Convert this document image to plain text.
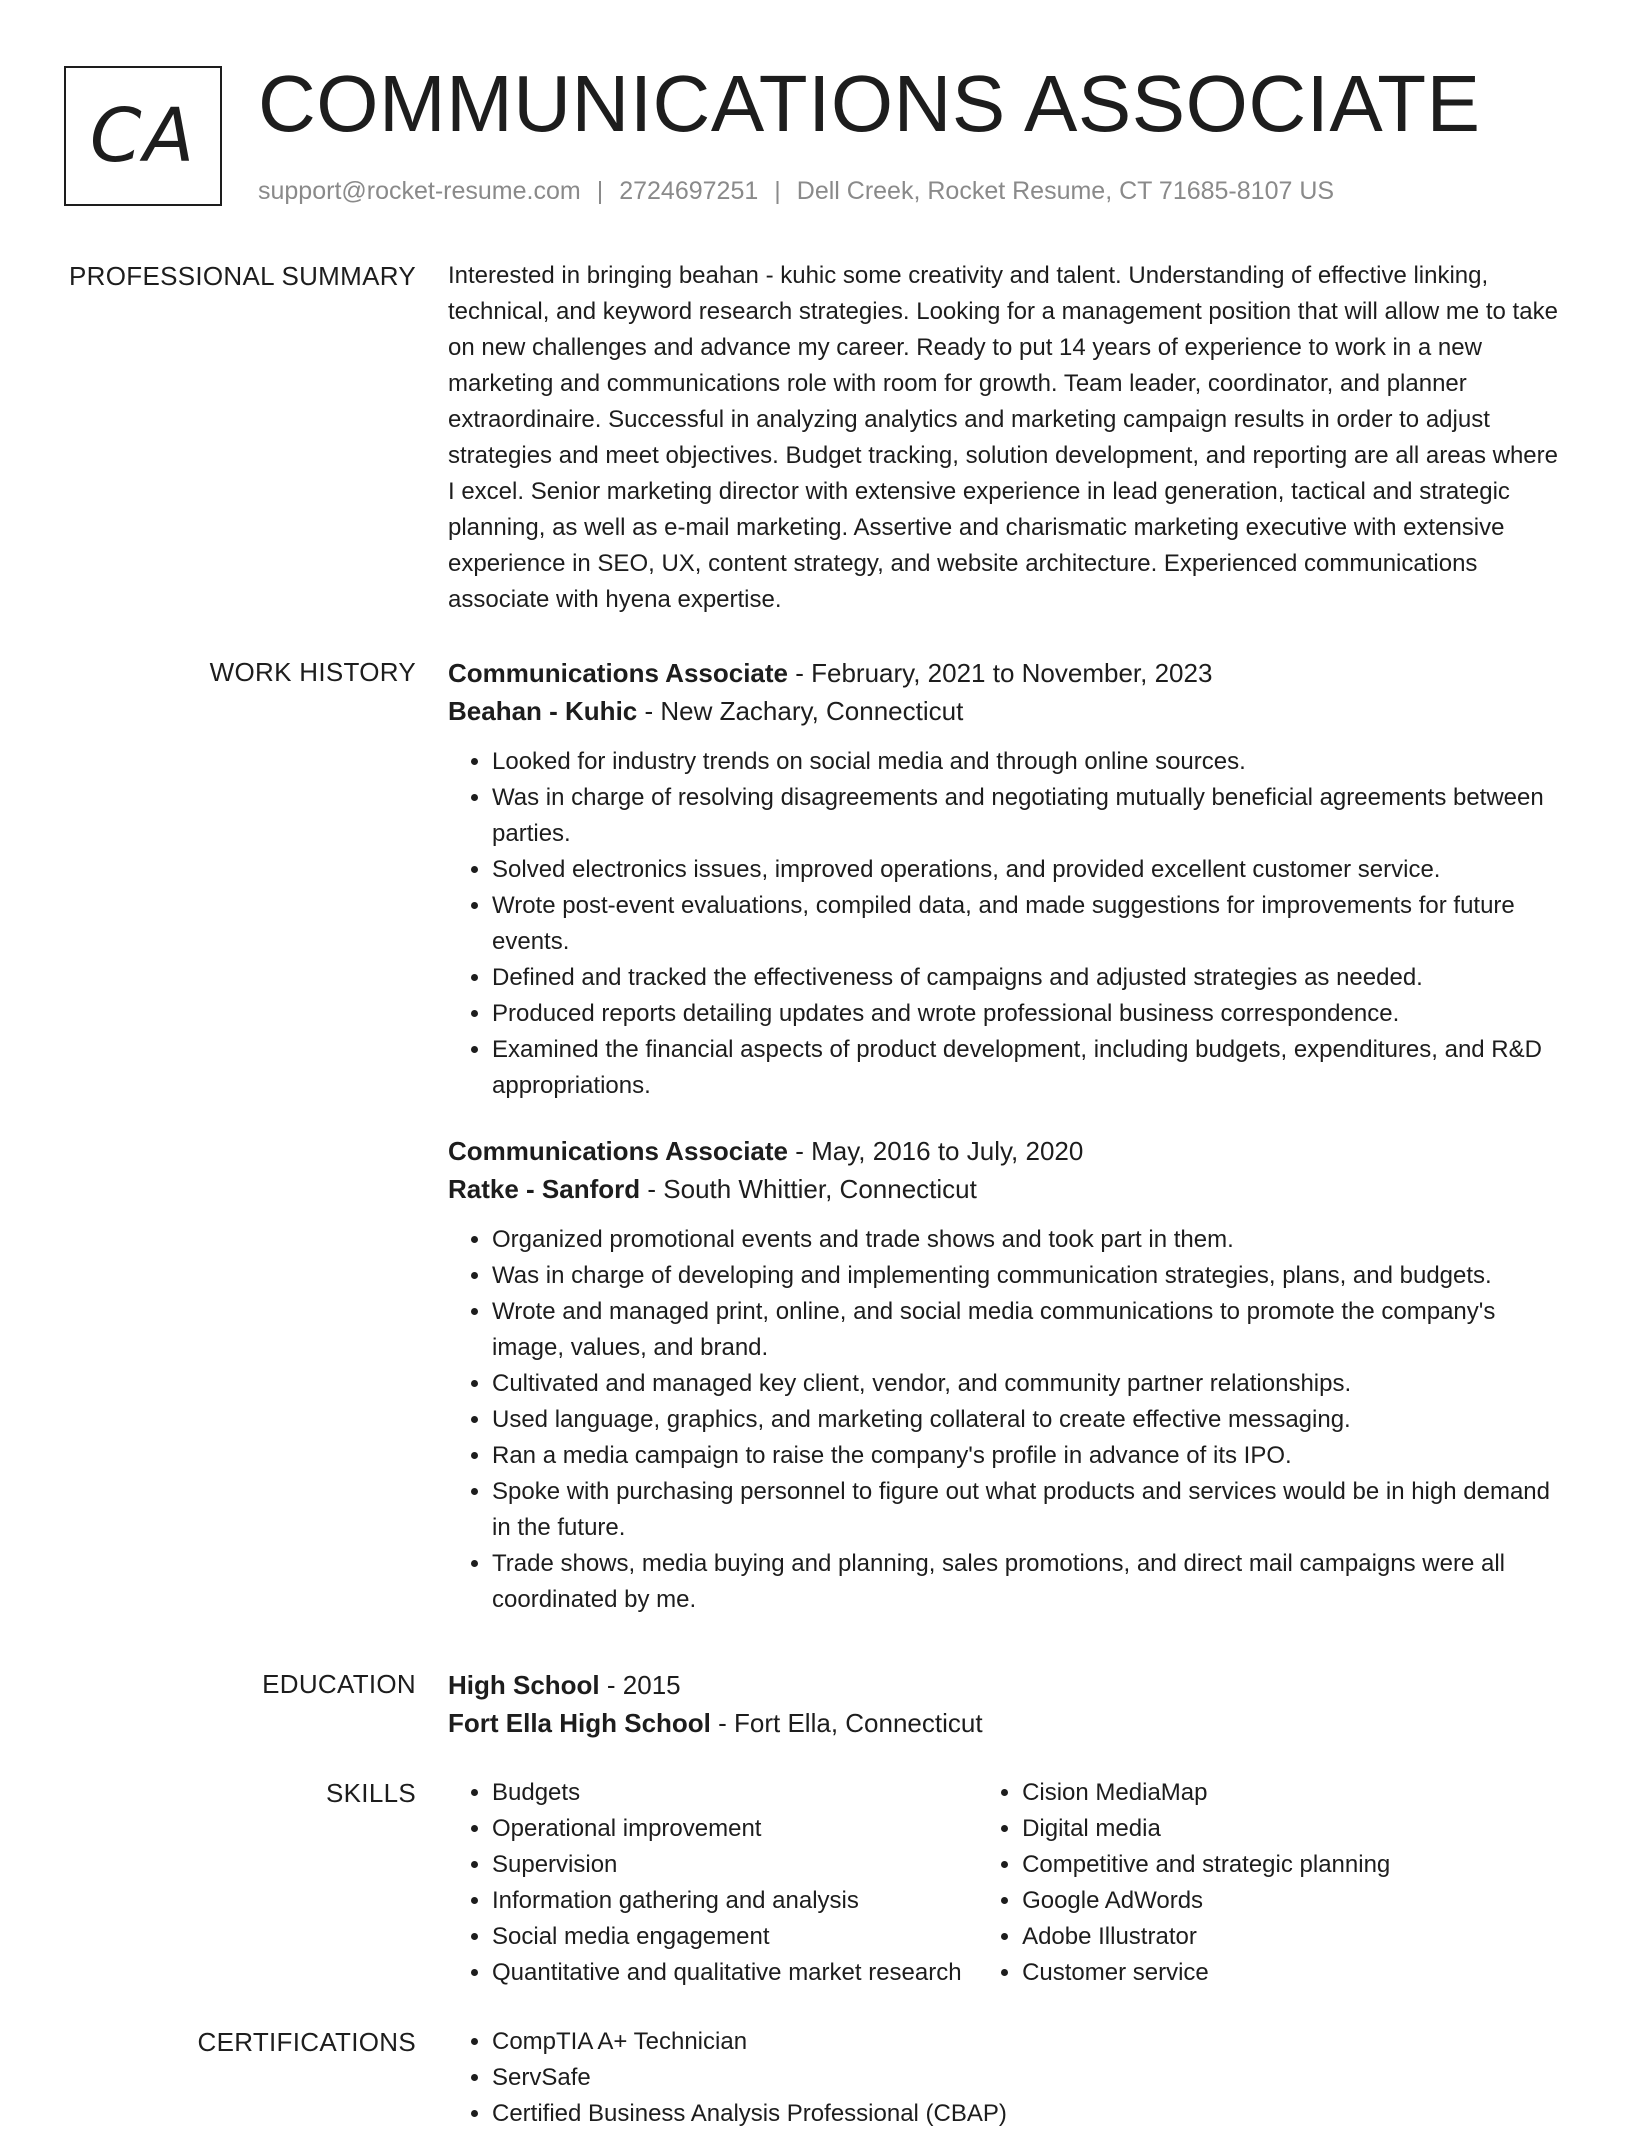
CA COMMUNICATIONS ASSOCIATE
support@rocket-resume.com | 2724697251 | Dell Creek, Rocket Resume, CT 71685-8107 US
PROFESSIONAL SUMMARY Interested in bringing beahan - kuhic some creativity and talent. Understanding of effective linking, technical, and keyword research strategies. Looking for a management position that will allow me to take on new challenges and advance my career. Ready to put 14 years of experience to work in a new marketing and communications role with room for growth. Team leader, coordinator, and planner extraordinaire. Successful in analyzing analytics and marketing campaign results in order to adjust strategies and meet objectives. Budget tracking, solution development, and reporting are all areas where I excel. Senior marketing director with extensive experience in lead generation, tactical and strategic planning, as well as e-mail marketing. Assertive and charismatic marketing executive with extensive experience in SEO, UX, content strategy, and website architecture. Experienced communications associate with hyena expertise.

WORK HISTORY Communications Associate - February, 2021 to November, 2023
Beahan - Kuhic - New Zachary, Connecticut
• Looked for industry trends on social media and through online sources.
• Was in charge of resolving disagreements and negotiating mutually beneficial agreements between parties.
• Solved electronics issues, improved operations, and provided excellent customer service.
• Wrote post-event evaluations, compiled data, and made suggestions for improvements for future events.
• Defined and tracked the effectiveness of campaigns and adjusted strategies as needed.
• Produced reports detailing updates and wrote professional business correspondence.
• Examined the financial aspects of product development, including budgets, expenditures, and R&D appropriations.
Communications Associate - May, 2016 to July, 2020
Ratke - Sanford - South Whittier, Connecticut
• Organized promotional events and trade shows and took part in them.
• Was in charge of developing and implementing communication strategies, plans, and budgets.
• Wrote and managed print, online, and social media communications to promote the company's image, values, and brand.
• Cultivated and managed key client, vendor, and community partner relationships.
• Used language, graphics, and marketing collateral to create effective messaging.
• Ran a media campaign to raise the company's profile in advance of its IPO.
• Spoke with purchasing personnel to figure out what products and services would be in high demand in the future.
• Trade shows, media buying and planning, sales promotions, and direct mail campaigns were all coordinated by me.
EDUCATION High School - 2015
Fort Ella High School - Fort Ella, Connecticut
SKILLS	• Budgets
• Operational improvement
• Supervision
• Information gathering and analysis
• Social media engagement
• Quantitative and qualitative market research
• Cision MediaMap
• Digital media
• Competitive and strategic planning
• Google AdWords
• Adobe Illustrator
• Customer service
CERTIFICATIONS	• CompTIA A+ Technician
• ServSafe
• Certified Business Analysis Professional (CBAP)
